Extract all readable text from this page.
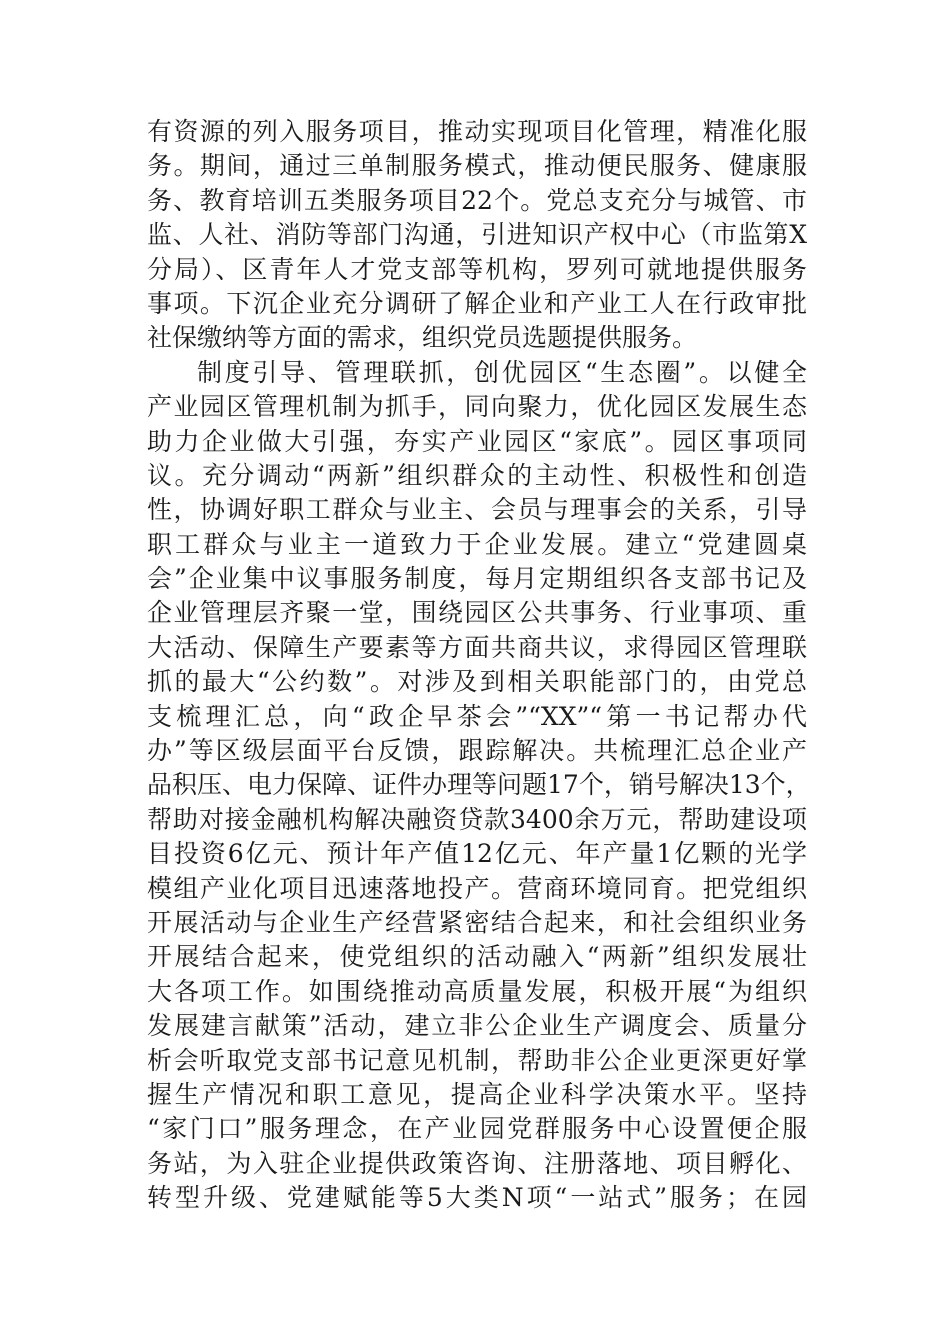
有资源的列入服务项目，推动实现项目化管理，精准化服
务。期间，通过三单制服务模式，推动便民服务、健康服
务、教育培训五类服务项目22个。党总支充分与城管、市
监、人社、消防等部门沟通，引进知识产权中心（市监第X
分局）、区青年人才党支部等机构，罗列可就地提供服务
事项。下沉企业充分调研了解企业和产业工人在行政审批
社保缴纳等方面的需求，组织党员选题提供服务。
制度引导、管理联抓，创优园区“生态圈”。以健全
产业园区管理机制为抓手，同向聚力，优化园区发展生态
助力企业做大引强，夯实产业园区“家底”。园区事项同
议。充分调动“两新”组织群众的主动性、积极性和创造
性，协调好职工群众与业主、会员与理事会的关系，引导
职工群众与业主一道致力于企业发展。建立“党建圆桌
会”企业集中议事服务制度，每月定期组织各支部书记及
企业管理层齐聚一堂，围绕园区公共事务、行业事项、重
大活动、保障生产要素等方面共商共议，求得园区管理联
抓的最大“公约数”。对涉及到相关职能部门的，由党总
支梳理汇总，向“政企早茶会”“XX”“第一书记帮办代
办”等区级层面平台反馈，跟踪解决。共梳理汇总企业产
品积压、电力保障、证件办理等问题17个，销号解决13个，
帮助对接金融机构解决融资贷款3400余万元，帮助建设项
目投资6亿元、预计年产值12亿元、年产量1亿颗的光学
模组产业化项目迅速落地投产。营商环境同育。把党组织
开展活动与企业生产经营紧密结合起来，和社会组织业务
开展结合起来，使党组织的活动融入“两新”组织发展壮
大各项工作。如围绕推动高质量发展，积极开展“为组织
发展建言献策”活动，建立非公企业生产调度会、质量分
析会听取党支部书记意见机制，帮助非公企业更深更好掌
握生产情况和职工意见，提高企业科学决策水平。坚持
“家门口”服务理念，在产业园党群服务中心设置便企服
务站，为入驻企业提供政策咨询、注册落地、项目孵化、
转型升级、党建赋能等5大类N项“一站式”服务；在园
